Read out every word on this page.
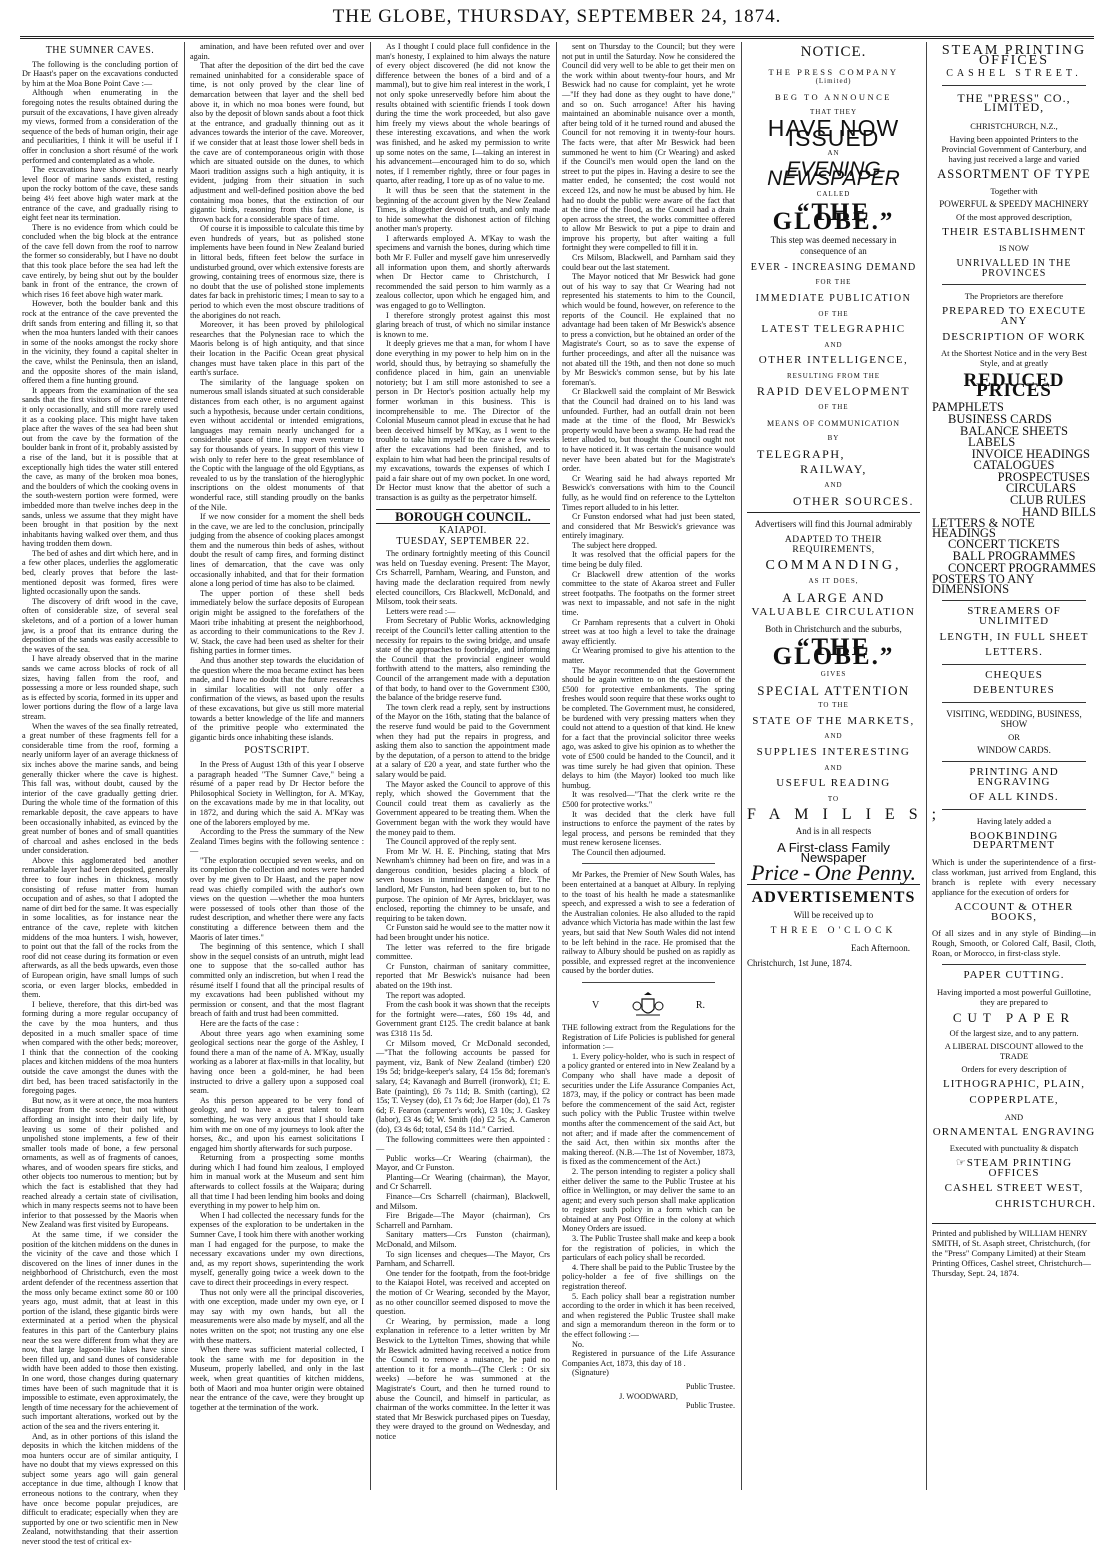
THE GLOBE, THURSDAY, SEPTEMBER 24, 1874.
THE SUMNER CAVES.

The following is the concluding portion of Dr Haast's paper on the excavations conducted by him at the Moa Bone Point Cave :—

Although when enumerating in the foregoing notes the results obtained during the pursuit of the excavations, I have given already my views, formed from a consideration of the sequence of the beds of human origin, their age and peculiarities, I think it will be useful if I offer in conclusion a short résumé of the work performed and contemplated as a whole.

The excavations have shown that a nearly level floor of marine sands existed, resting upon the rocky bottom of the cave, these sands being 4½ feet above high water mark at the entrance of the cave, and gradually rising to eight feet near its termination.

There is no evidence from which could be concluded when the big block at the entrance of the cave fell down from the roof to narrow the former so considerably, but I have no doubt that this took place before the sea had left the cave entirely, by being shut out by the boulder bank in front of the entrance, the crown of which rises 16 feet above high water mark.

However, both the boulder bank and this rock at the entrance of the cave prevented the drift sands from entering and filling it, so that when the moa hunters landed with their canoes in some of the nooks amongst the rocky shore in the vicinity, they found a capital shelter in the cave, whilst the Peninsula, then an island, and the opposite shores of the main island, offered them a fine hunting ground.

It appears from the examination of the sea sands that the first visitors of the cave entered it only occasionally, and still more rarely used it as a cooking place. This might have taken place after the waves of the sea had been shut out from the cave by the formation of the boulder bank in front of it, probably assisted by a rise of the land, but it is possible that at exceptionally high tides the water still entered the cave, as many of the broken moa bones, and the boulders of which the cooking ovens in the south-western portion were formed, were imbedded more than twelve inches deep in the sands, unless we assume that they might have been brought in that position by the next inhabitants having walked over them, and thus having trodden them down.

The bed of ashes and dirt which here, and in a few other places, underlies the agglomeratic bed, clearly proves that before the last-mentioned deposit was formed, fires were lighted occasionally upon the sands.

The discovery of drift wood in the cave, often of considerable size, of several seal skeletons, and of a portion of a lower human jaw, is a proof that its entrance during the deposition of the sands was easily accessible to the waves of the sea.

I have already observed that in the marine sands we came across blocks of rock of all sizes, having fallen from the roof, and possessing a more or less rounded shape, such as is effected by scoria, formed in its upper and lower portions during the flow of a large lava stream.

When the waves of the sea finally retreated, a great number of these fragments fell for a considerable time from the roof, forming a nearly uniform layer of an average thickness of six inches above the marine sands, and being generally thicker where the cave is highest. This fall was, without doubt, caused by the interior of the cave gradually getting drier. During the whole time of the formation of this remarkable deposit, the cave appears to have been occasionally inhabited, as evinced by the great number of bones and of small quantities of charcoal and ashes enclosed in the beds under consideration.

Above this agglomerated bed another remarkable layer had been deposited, generally three to four inches in thickness, mostly consisting of refuse matter from human occupation and of ashes, so that I adopted the name of dirt bed for the same. It was especially in some localities, as for instance near the entrance of the cave, replete with kitchen middens of the moa hunters. I wish, however, to point out that the fall of the rocks from the roof did not cease during its formation or even afterwards, as all the beds upwards, even those of European origin, have small lumps of such scoria, or even larger blocks, embedded in them.

I believe, therefore, that this dirt-bed was forming during a more regular occupancy of the cave by the moa hunters, and thus deposited in a much smaller space of time when compared with the other beds; moreover, I think that the connection of the cooking places and kitchen middens of the moa hunters outside the cave amongst the dunes with the dirt bed, has been traced satisfactorily in the foregoing pages.

But now, as it were at once, the moa hunters disappear from the scene; but not without affording an insight into their daily life, by leaving us some of their polished and unpolished stone implements, a few of their smaller tools made of bone, a few personal ornaments, as well as of fragments of canoes, whares, and of wooden spears fire sticks, and other objects too numerous to mention; but by which the fact is established that they had reached already a certain state of civilisation, which in many respects seems not to have been inferior to that possessed by the Maoris when New Zealand was first visited by Europeans.

At the same time, if we consider the position of the kitchen middens on the dunes in the vicinity of the cave and those which I discovered on the lines of inner dunes in the neighborhood of Christchurch, even the most ardent defender of the recentness assertion that the moss only became extinct some 80 or 100 years ago, must admit, that at least in this portion of the island, these gigantic birds were exterminated at a period when the physical features in this part of the Canterbury plains near the sea were different from what they are now, that large lagoon-like lakes have since been filled up, and sand dunes of considerable width have been added to those then existing. In one word, those changes during quaternary times have been of such magnitude that it is impossible to estimate, even approximately, the length of time necessary for the achievement of such important alterations, worked out by the action of the sea and the rivers entering it.

And, as in other portions of this island the deposits in which the kitchen middens of the moa hunters occur are of similar antiquity, I have no doubt that my views expressed on this subject some years ago will gain general acceptance in due time, although I know that erroneous notions to the contrary, when they have once become popular prejudices, are difficult to eradicate; especially when they are supported by one or two scientific men in New Zealand, notwithstanding that their assertion never stood the test of critical ex-

amination, and have been refuted over and over again.

That after the deposition of the dirt bed the cave remained uninhabited for a considerable space of time, is not only proved by the clear line of demarcation between that layer and the shell bed above it, in which no moa bones were found, but also by the deposit of blown sands about a foot thick at the entrance, and gradually thinning out as it advances towards the interior of the cave. Moreover, if we consider that at least those lower shell beds in the cave are of contemporaneous origin with those which are situated outside on the dunes, to which Maori tradition assigns such a high antiquity, it is evident, judging from their situation in such adjustment and well-defined position above the bed containing moa bones, that the extinction of our gigantic birds, reasoning from this fact alone, is thrown back for a considerable space of time.

Of course it is impossible to calculate this time by even hundreds of years, but as polished stone implements have been found in New Zealand buried in littoral beds, fifteen feet below the surface in undisturbed ground, over which extensive forests are growing, containing trees of enormous size, there is no doubt that the use of polished stone implements dates far back in prehistoric times; I mean to say to a period to which even the most obscure traditions of the aborigines do not reach.

Moreover, it has been proved by philological researches that the Polynesian race to which the Maoris belong is of high antiquity, and that since their location in the Pacific Ocean great physical changes must have taken place in this part of the earth's surface.

The similarity of the language spoken on numerous small islands situated at such considerable distances from each other, is no argument against such a hypothesis, because under certain conditions, even without accidental or intended emigrations, languages may remain nearly unchanged for a considerable space of time. I may even venture to say for thousands of years. In support of this view I wish only to refer here to the great resemblance of the Coptic with the language of the old Egyptians, as revealed to us by the translation of the hieroglyphic inscriptions on the oldest monuments of that wonderful race, still standing proudly on the banks of the Nile.

If we now consider for a moment the shell beds in the cave, we are led to the conclusion, principally judging from the absence of cooking places amongst them and the numerous thin beds of ashes, without doubt the result of camp fires, and forming distinct lines of demarcation, that the cave was only occasionally inhabited, and that for their formation alone a long period of time has also to be claimed.

The upper portion of these shell beds immediately below the surface deposits of European origin might be assigned to the forefathers of the Maori tribe inhabiting at present the neighborhood, as according to their communications to the Rev J. W. Stack, the cave had been used as shelter for their fishing parties in former times.

And thus another step towards the elucidation of the question where the moa became extinct has been made, and I have no doubt that the future researches in similar localities will not only offer a confirmation of the views, as based upon the results of these excavations, but give us still more material towards a better knowledge of the life and manners of the primitive people who exterminated the gigantic birds once inhabiting these islands.

POSTSCRIPT.

In the Press of August 13th of this year I observe a paragraph headed "The Sumner Cave," being a résumé of a paper read by Dr Hector before the Philosophical Society in Wellington, for A. M'Kay, on the excavations made by me in that locality, out in 1872, and during which the said A. M'Kay was one of the laborers employed by me.

According to the Press the summary of the New Zealand Times begins with the following sentence :—

"The exploration occupied seven weeks, and on its completion the collection and notes were handed over by me given to Dr Haast, and the paper now read was chiefly compiled with the author's own views on the question —whether the moa hunters were possessed of tools other than those of the rudest description, and whether there were any facts constituting a difference between them and the Maoris of later times."

The beginning of this sentence, which I shall show in the sequel consists of an untruth, might lead one to suppose that the so-called author has committed only an indiscretion, but when I read the résumé itself I found that all the principal results of my excavations had been published without my permission or consent, and that the most flagrant breach of faith and trust had been committed.

Here are the facts of the case :

About three years ago when examining some geological sections near the gorge of the Ashley, I found there a man of the name of A. M'Kay, usually working as a laborer at flax-mills in that locality, but having once been a gold-miner, he had been instructed to drive a gallery upon a supposed coal seam.

As this person appeared to be very fond of geology, and to have a great talent to learn something, he was very anxious that I should take him with me on one of my journeys to look after the horses, &c., and upon his earnest solicitations I engaged him shortly afterwards for such purpose.

Returning from a prospecting some months during which I had found him zealous, I employed him in manual work at the Museum and sent him afterwards to collect fossils at the Waipara; during all that time I had been lending him books and doing everything in my power to help him on.

When I had collected the necessary funds for the expenses of the exploration to be undertaken in the Sumner Cave, I took him there with another working man I had engaged for the purpose, to make the necessary excavations under my own directions, and, as my report shows, superintending the work myself, generally going twice a week down to the cave to direct their proceedings in every respect.

Thus not only were all the principal discoveries, with one exception, made under my own eye, or I may say with my own hands, but all the measurements were also made by myself, and all the notes written on the spot; not trusting any one else with these matters.

When there was sufficient material collected, I took the same with me for deposition in the Museum, properly labelled, and only in the last week, when great quantities of kitchen middens, both of Maori and moa hunter origin were obtained near the entrance of the cave, were they brought up together at the termination of the work.

As I thought I could place full confidence in the man's honesty, I explained to him always the nature of every object discovered (he did not know the difference between the bones of a bird and of a mammal), but to give him real interest in the work, I not only spoke unreservedly before him about the results obtained with scientific friends I took down during the time the work proceeded, but also gave him freely my views about the whole bearings of these interesting excavations, and when the work was finished, and he asked my permission to write up some notes on the same, I—taking an interest in his advancement—encouraged him to do so, which notes, if I remember rightly, three or four pages in quarto, after reading, I tore up as of no value to me.

It will thus be seen that the statement in the beginning of the account given by the New Zealand Times, is altogether devoid of truth, and only made to hide somewhat the dishonest action of filching another man's property.

I afterwards employed A. M'Kay to wash the specimens and varnish the bones, during which time both Mr F. Fuller and myself gave him unreservedly all information upon them, and shortly afterwards when Dr Hector came to Christchurch, I recommended the said person to him warmly as a zealous collector, upon which he engaged him, and was engaged to go to Wellington.

I therefore strongly protest against this most glaring breach of trust, of which no similar instance is known to me.

It deeply grieves me that a man, for whom I have done everything in my power to help him on in the world, should thus, by betraying so shamefully the confidence placed in him, gain an unenviable notoriety; but I am still more astonished to see a person in Dr Hector's position actually help my former workman in this business. This is incomprehensible to me. The Director of the Colonial Museum cannot plead in excuse that he had been deceived himself by M'Kay, as I went to the trouble to take him myself to the cave a few weeks after the excavations had been finished, and to explain to him what had been the principal results of my excavations, towards the expenses of which I paid a fair share out of my own pocket. In one word, Dr Hector must know that the abettor of such a transaction is as guilty as the perpetrator himself.

BOROUGH COUNCIL.
KAIAPOI.
TUESDAY, SEPTEMBER 22.

The ordinary fortnightly meeting of this Council was held on Tuesday evening. Present: The Mayor, Crs Scharrell, Parnham, Wearing, and Funston, and having made the declaration required from newly elected councillors, Crs Blackwell, McDonald, and Milsom, took their seats.

Letters were read :—

From Secretary of Public Works, acknowledging receipt of the Council's letter calling attention to the necessity for repairs to the swing bridge, and unsafe state of the approaches to footbridge, and informing the Council that the provincial engineer would forthwith attend to the matters, also reminding the Council of the arrangement made with a deputation of that body, to hand over to the Government £300, the balance of the bridge reserve fund.

The town clerk read a reply, sent by instructions of the Mayor on the 16th, stating that the balance of the reserve fund would be paid to the Government when they had put the repairs in progress, and asking them also to sanction the appointment made by the deputation, of a person to attend to the bridge at a salary of £20 a year, and state further who the salary would be paid.

The Mayor asked the Council to approve of this reply, which showed the Government that the Council could treat them as cavalierly as the Government appeared to be treating them. When the Government began with the work they would have the money paid to them.

The Council approved of the reply sent.

From Mr W. H. E. Pinching, stating that Mrs Newnham's chimney had been on fire, and was in a dangerous condition, besides placing a block of seven houses in imminent danger of fire. The landlord, Mr Funston, had been spoken to, but to no purpose. The opinion of Mr Ayres, bricklayer, was enclosed, reporting the chimney to be unsafe, and requiring to be taken down.

Cr Funston said he would see to the matter now it had been brought under his notice.

The letter was referred to the fire brigade committee.

Cr Funston, chairman of sanitary committee, reported that Mr Beswick's nuisance had been abated on the 19th inst.

The report was adopted.

From the cash book it was shown that the receipts for the fortnight were—rates, £60 19s 4d, and Government grant £125. The credit balance at bank was £318 11s 5d.

Cr Milsom moved, Cr McDonald seconded, —"That the following accounts be passed for payment, viz, Bank of New Zealand (timber) £20 19s 5d; bridge-keeper's salary, £4 15s 8d; foreman's salary, £4; Kavanagh and Burrell (ironwork), £1; E. Bate (painting), £6 7s 11d; B. Smith (carting), £2 15s; T. Veysey (do), £1 7s 6d; Joe Harper (do), £1 7s 6d; F. Fearon (carpenter's work), £3 10s; J. Gaskey (labor), £3 4s 6d; W. Smith (do) £2 5s; A. Cameron (do), £3 4s 6d; total, £54 8s 11d." Carried.

The following committees were then appointed :—

Public works—Cr Wearing (chairman), the Mayor, and Cr Funston.

Planting—Cr Wearing (chairman), the Mayor, and Cr Scharrell.

Finance—Crs Scharrell (chairman), Blackwell, and Milsom.

Fire Brigade—The Mayor (chairman), Crs Scharrell and Parnham.

Sanitary matters—Crs Funston (chairman), McDonald, and Milsom.

To sign licenses and cheques—The Mayor, Crs Parnham, and Scharrell.

One tender for the footpath, from the foot-bridge to the Kaiapoi Hotel, was received and accepted on the motion of Cr Wearing, seconded by the Mayor, as no other councillor seemed disposed to move the question.

Cr Wearing, by permission, made a long explanation in reference to a letter written by Mr Beswick to the Lyttelton Times, showing that while Mr Beswick admitted having received a notice from the Council to remove a nuisance, he paid no attention to it for a month—(The Clerk : Or six weeks) —before he was summoned at the Magistrate's Court, and then he turned round to abuse the Council, and himself in particular, as chairman of the works committee. In the letter it was stated that Mr Beswick purchased pipes on Tuesday, they were drayed to the ground on Wednesday, and notice

sent on Thursday to the Council; but they were not put in until the Saturday. Now he considered the Council did very well to be able to get their men on the work within about twenty-four hours, and Mr Beswick had no cause for complaint, yet he wrote—"If they had done as they ought to have done," and so on. Such arrogance! After his having maintained an abominable nuisance over a month, after being told of it he turned round and abused the Council for not removing it in twenty-four hours. The facts were, that after Mr Beswick had been summoned he went to him (Cr Wearing) and asked if the Council's men would open the land on the street to put the pipes in. Having a desire to see the matter ended, he consented; the cost would not exceed 12s, and now he must be abused by him. He had no doubt the public were aware of the fact that at the time of the flood, as the Council had a drain open across the street, the works committee offered to allow Mr Beswick to put a pipe to drain and improve his property, but after waiting a full fortnight they were compelled to fill it in.

Crs Milsom, Blackwell, and Parnham said they could bear out the last statement.

The Mayor noticed that Mr Beswick had gone out of his way to say that Cr Wearing had not represented his statements to him to the Council, which would be found, however, on reference to the reports of the Council. He explained that no advantage had been taken of Mr Beswick's absence to press a conviction, but he obtained an order of the Magistrate's Court, so as to save the expense of further proceedings, and after all the nuisance was not abated till the 19th, and then not done so much by Mr Beswick's common sense, but by his late foreman's.

Cr Blackwell said the complaint of Mr Beswick that the Council had drained on to his land was unfounded. Further, had an outfall drain not been made at the time of the flood, Mr Beswick's property would have been a swamp. He had read the letter alluded to, but thought the Council ought not to have noticed it. It was certain the nuisance would never have been abated but for the Magistrate's order.

Cr Wearing said he had always reported Mr Beswick's conversations with him to the Council fully, as he would find on reference to the Lyttelton Times report alluded to in his letter.

Cr Funston endorsed what had just been stated, and considered that Mr Beswick's grievance was entirely imaginary.

The subject here dropped.

It was resolved that the official papers for the time being be duly filed.

Cr Blackwell drew attention of the works committee to the state of Akaroa street and Fuller street footpaths. The footpaths on the former street was next to impassable, and not safe in the night time.

Cr Parnham represents that a culvert in Ohoki street was at too high a level to take the drainage away efficiently.

Cr Wearing promised to give his attention to the matter.

The Mayor recommended that the Government should be again written to on the question of the £500 for protective embankments. The spring freshes would soon require that these works ought to be completed. The Government must, he considered, be burdened with very pressing matters when they could not attend to a question of that kind. He knew for a fact that the provincial solicitor three weeks ago, was asked to give his opinion as to whether the vote of £500 could be handed to the Council, and it was time surely he had given that opinion. These delays to him (the Mayor) looked too much like humbug.

It was resolved—"That the clerk write re the £500 for protective works."

It was decided that the clerk have full instructions to enforce the payment of the rates by legal process, and persons be reminded that they must renew kerosene licenses.

The Council then adjourned.

Mr Parkes, the Premier of New South Wales, has been entertained at a banquet at Albury. In replying to the toast of his health he made a statesmanlike speech, and expressed a wish to see a federation of the Australian colonies. He also alluded to the rapid advance which Victoria has made within the last few years, but said that New South Wales did not intend to be left behind in the race. He promised that the railway to Albury should be pushed on as rapidly as possible, and expressed regret at the inconvenience caused by the border duties.

V	R.

THE following extract from the Regulations for the Registration of Life Policies is published for general information :—

1. Every policy-holder, who is such in respect of a policy granted or entered into in New Zealand by a Company who shall have made a deposit of securities under the Life Assurance Companies Act, 1873, may, if the policy or contract has been made before the commencement of the said Act, register such policy with the Public Trustee within twelve months after the commencement of the said Act, but not after; and if made after the commencement of the said Act, then within six months after the making thereof. (N.B.—The 1st of November, 1873, is fixed as the commencement of the Act.)

2. The person intending to register a policy shall either deliver the same to the Public Trustee at his office in Wellington, or may deliver the same to an agent; and every such person shall make application to register such policy in a form which can be obtained at any Post Office in the colony at which Money Orders are issued.

3. The Public Trustee shall make and keep a book for the registration of policies, in which the particulars of each policy shall be recorded.

4. There shall be paid to the Public Trustee by the policy-holder a fee of five shillings on the registration thereof.

5. Each policy shall bear a registration number according to the order in which it has been received, and when registered the Public Trustee shall make and sign a memorandum thereon in the form or to the effect following :—

No.

Registered in pursuance of the Life Assurance Companies Act, 1873, this day of 18 .

(Signature)

Public Trustee.
J. WOODWARD,
Public Trustee.
NOTICE.
THE PRESS COMPANY
(Limited)
BEG TO ANNOUNCE
THAT THEY
HAVE NOW ISSUED
AN
EVENING NEWSPAPER
CALLED
“THE GLOBE.”
This step was deemed necessary in consequence of an
EVER - INCREASING DEMAND
FOR THE
IMMEDIATE PUBLICATION
OF THE
LATEST TELEGRAPHIC
AND
OTHER INTELLIGENCE,
RESULTING FROM THE
RAPID DEVELOPMENT
OF THE
MEANS OF COMMUNICATION
BY
TELEGRAPH,
RAILWAY,
AND
OTHER SOURCES.
Advertisers will find this Journal admirably
ADAPTED TO THEIR REQUIREMENTS,
COMMANDING,
AS IT DOES,
A LARGE AND
VALUABLE CIRCULATION
Both in Christchurch and the suburbs,
“THE GLOBE.”
GIVES
SPECIAL ATTENTION
TO THE
STATE OF THE MARKETS,
AND
SUPPLIES INTERESTING
AND
USEFUL READING
TO
FAMILIES;
And is in all respects
A First-class Family Newspaper
Price - One Penny.
ADVERTISEMENTS
Will be received up to
THREE O'CLOCK
Each Afternoon.
Christchurch, 1st June, 1874.
STEAM PRINTING OFFICES
CASHEL STREET.
THE "PRESS" CO., LIMITED,
CHRISTCHURCH, N.Z.,
Having been appointed Printers to the Provincial Government of Canterbury, and having just received a large and varied
ASSORTMENT OF TYPE
Together with
POWERFUL & SPEEDY MACHINERY
Of the most approved description,
THEIR ESTABLISHMENT
IS NOW
UNRIVALLED IN THE PROVINCES
The Proprietors are therefore
PREPARED TO EXECUTE ANY
DESCRIPTION OF WORK
At the Shortest Notice and in the very Best Style, and at greatly
REDUCED PRICES
PAMPHLETS
BUSINESS CARDS
BALANCE SHEETS
LABELS
INVOICE HEADINGS
CATALOGUES
PROSPECTUSES
CIRCULARS
CLUB RULES
HAND BILLS
LETTERS & NOTE HEADINGS
CONCERT TICKETS
BALL PROGRAMMES
CONCERT PROGRAMMES
POSTERS TO ANY DIMENSIONS
STREAMERS OF UNLIMITED
LENGTH, IN FULL SHEET
LETTERS.
CHEQUES
DEBENTURES
VISITING, WEDDING, BUSINESS, SHOW
OR
WINDOW CARDS.
PRINTING AND ENGRAVING
OF ALL KINDS.
Having lately added a
BOOKBINDING DEPARTMENT
Which is under the superintendence of a first-class workman, just arrived from England, this branch is replete with every necessary appliance for the execution of orders for
ACCOUNT & OTHER BOOKS,
Of all sizes and in any style of Binding—in Rough, Smooth, or Colored Calf, Basil, Cloth, Roan, or Morocco, in first-class style.
PAPER CUTTING.
Having imported a most powerful Guillotine, they are prepared to
CUT PAPER
Of the largest size, and to any pattern.
A LIBERAL DISCOUNT allowed to the TRADE
Orders for every description of
LITHOGRAPHIC, PLAIN,
COPPERPLATE,
AND
ORNAMENTAL ENGRAVING
Executed with punctuality & dispatch
☞STEAM PRINTING OFFICES
CASHEL STREET WEST,
CHRISTCHURCH.
Printed and published by WILLIAM HENRY SMITH, of St. Asaph street, Christchurch, (for the "Press" Company Limited) at their Steam Printing Offices, Cashel street, Christchurch—Thursday, Sept. 24, 1874.
